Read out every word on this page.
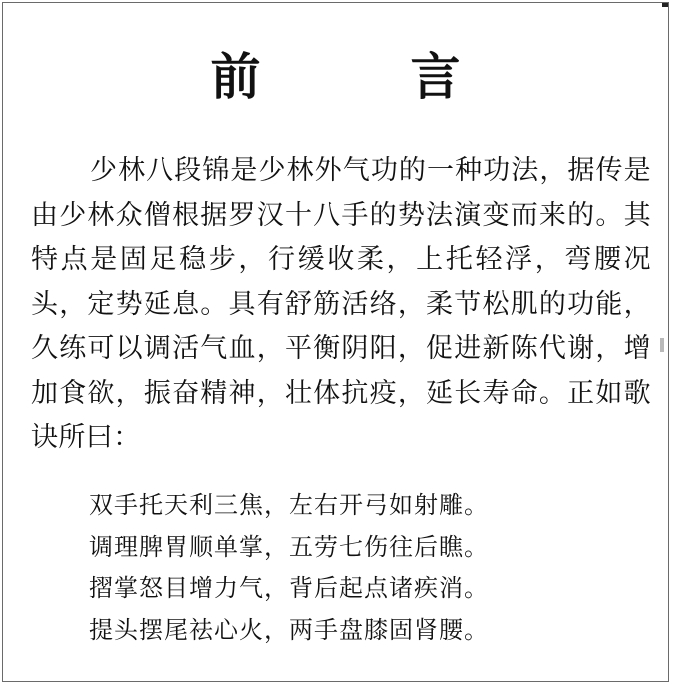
前　言
少林八段锦是少林外气功的一种功法，据传是由少林众僧根据罗汉十八手的势法演变而来的。其特点是固足稳步，行缓收柔，上托轻浮，弯腰况头，定势延息。具有舒筋活络，柔节松肌的功能，久练可以调活气血，平衡阴阳，促进新陈代谢，增加食欲，振奋精神，壮体抗疫，延长寿命。正如歌诀所曰：
双手托天利三焦，左右开弓如射雕。
调理脾胃顺单掌，五劳七伤往后瞧。
摺掌怒目增力气，背后起点诸疾消。
提头摆尾祛心火，两手盘膝固肾腰。
